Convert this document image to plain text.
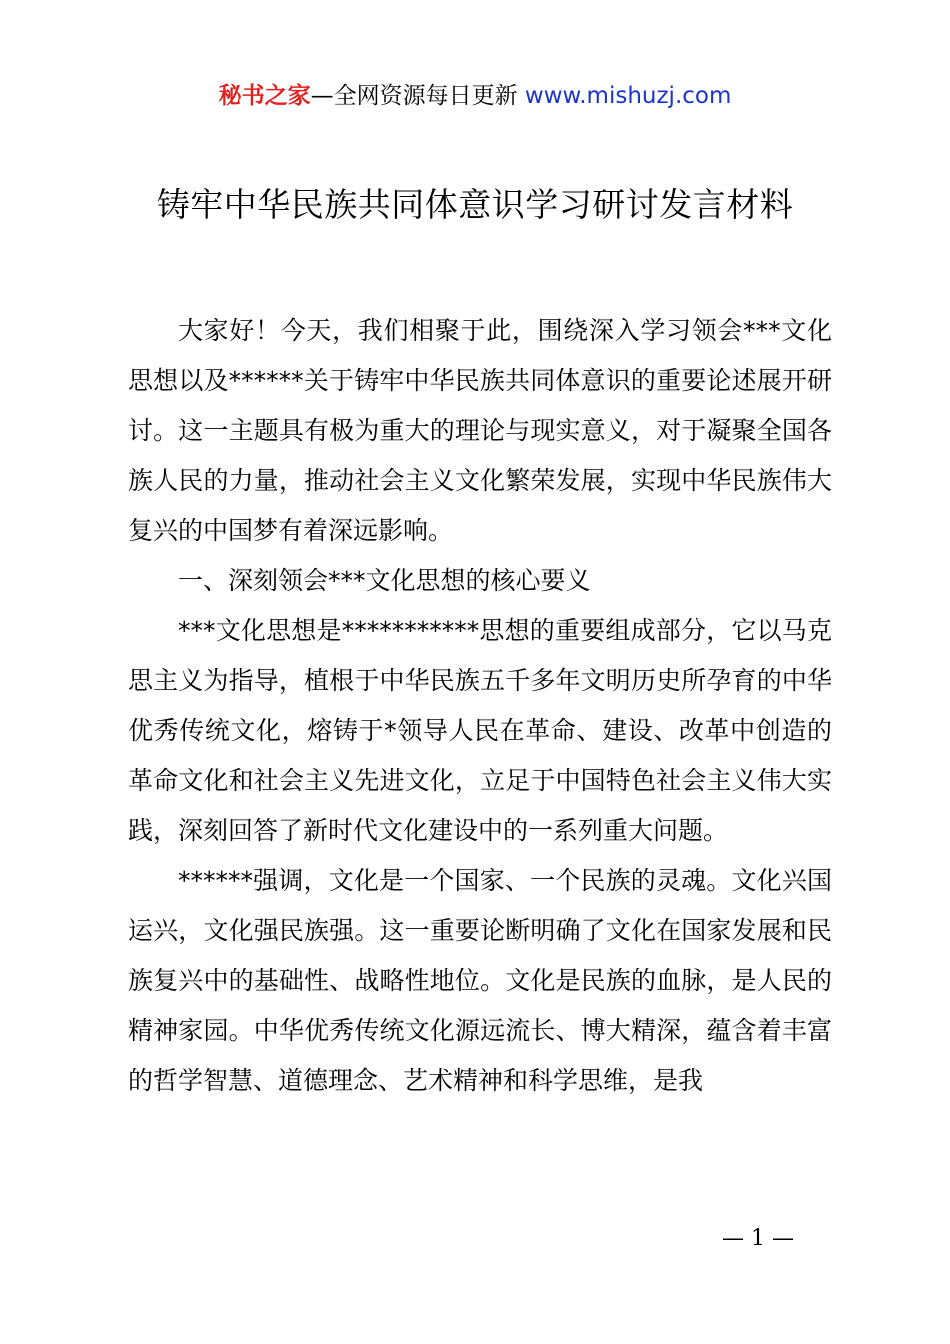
秘书之家—全网资源每日更新 www.mishuzj.com
铸牢中华民族共同体意识学习研讨发言材料

大家好！今天，我们相聚于此，围绕深入学习领会***文化思想以及******关于铸牢中华民族共同体意识的重要论述展开研讨。这一主题具有极为重大的理论与现实意义，对于凝聚全国各族人民的力量，推动社会主义文化繁荣发展，实现中华民族伟大复兴的中国梦有着深远影响。

一、深刻领会***文化思想的核心要义

***文化思想是***********思想的重要组成部分，它以马克思主义为指导，植根于中华民族五千多年文明历史所孕育的中华优秀传统文化，熔铸于*领导人民在革命、建设、改革中创造的革命文化和社会主义先进文化，立足于中国特色社会主义伟大实践，深刻回答了新时代文化建设中的一系列重大问题。

******强调，文化是一个国家、一个民族的灵魂。文化兴国运兴，文化强民族强。这一重要论断明确了文化在国家发展和民族复兴中的基础性、战略性地位。文化是民族的血脉，是人民的精神家园。中华优秀传统文化源远流长、博大精深，蕴含着丰富的哲学智慧、道德理念、艺术精神和科学思维，是我

— 1 —
